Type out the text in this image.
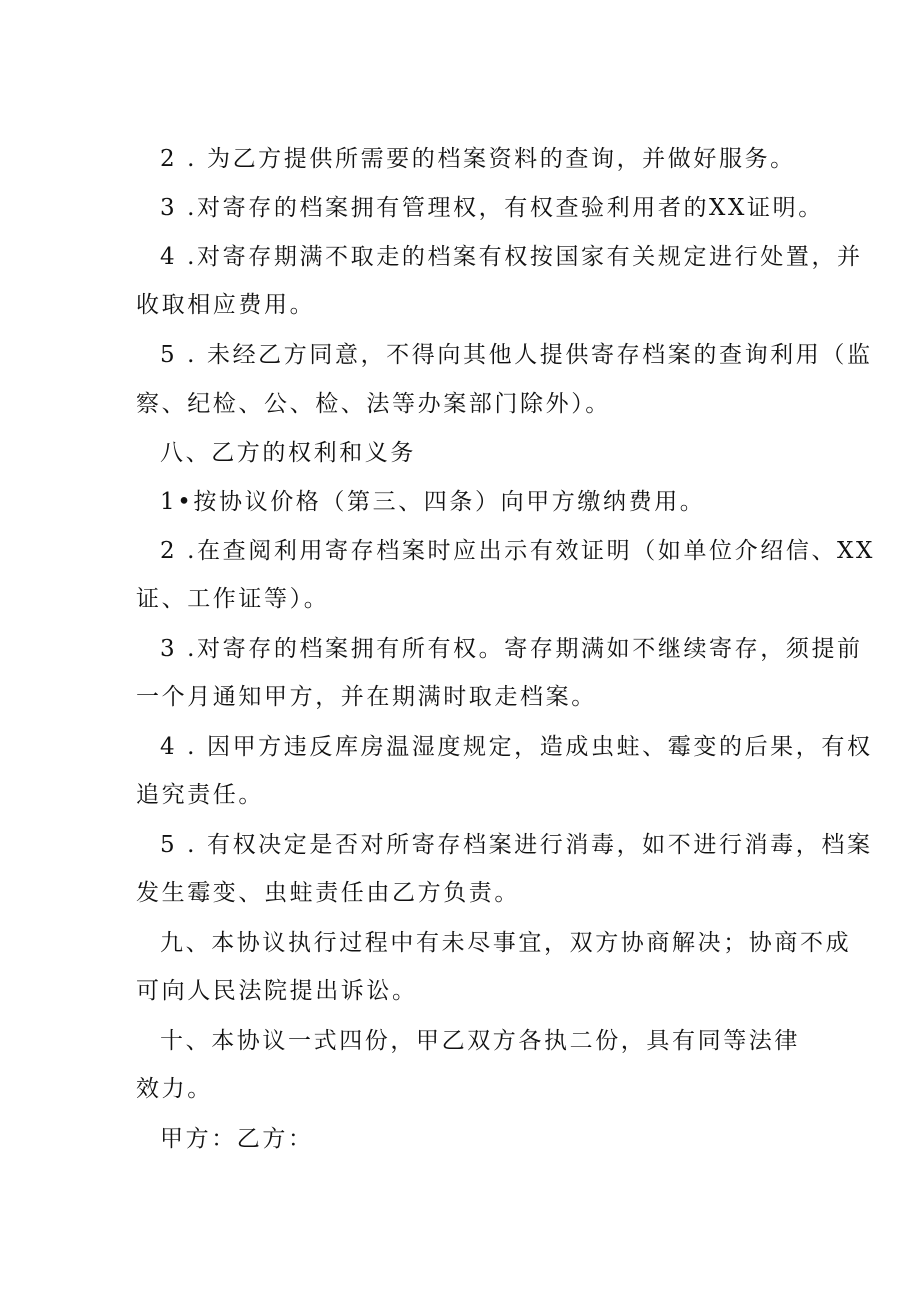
2 . 为乙方提供所需要的档案资料的查询，并做好服务。
3 .对寄存的档案拥有管理权，有权查验利用者的XX证明。
4 .对寄存期满不取走的档案有权按国家有关规定进行处置，并
收取相应费用。
5 . 未经乙方同意，不得向其他人提供寄存档案的查询利用（监
察、纪检、公、检、法等办案部门除外）。
八、乙方的权利和义务
1•按协议价格（第三、四条）向甲方缴纳费用。
2 .在查阅利用寄存档案时应出示有效证明（如单位介绍信、XX
证、工作证等）。
3 .对寄存的档案拥有所有权。寄存期满如不继续寄存，须提前
一个月通知甲方，并在期满时取走档案。
4 . 因甲方违反库房温湿度规定，造成虫蛀、霉变的后果，有权
追究责任。
5 . 有权决定是否对所寄存档案进行消毒，如不进行消毒，档案
发生霉变、虫蛀责任由乙方负责。
九、本协议执行过程中有未尽事宜，双方协商解决；协商不成
可向人民法院提出诉讼。
十、本协议一式四份，甲乙双方各执二份，具有同等法律
效力。
甲方：乙方：
